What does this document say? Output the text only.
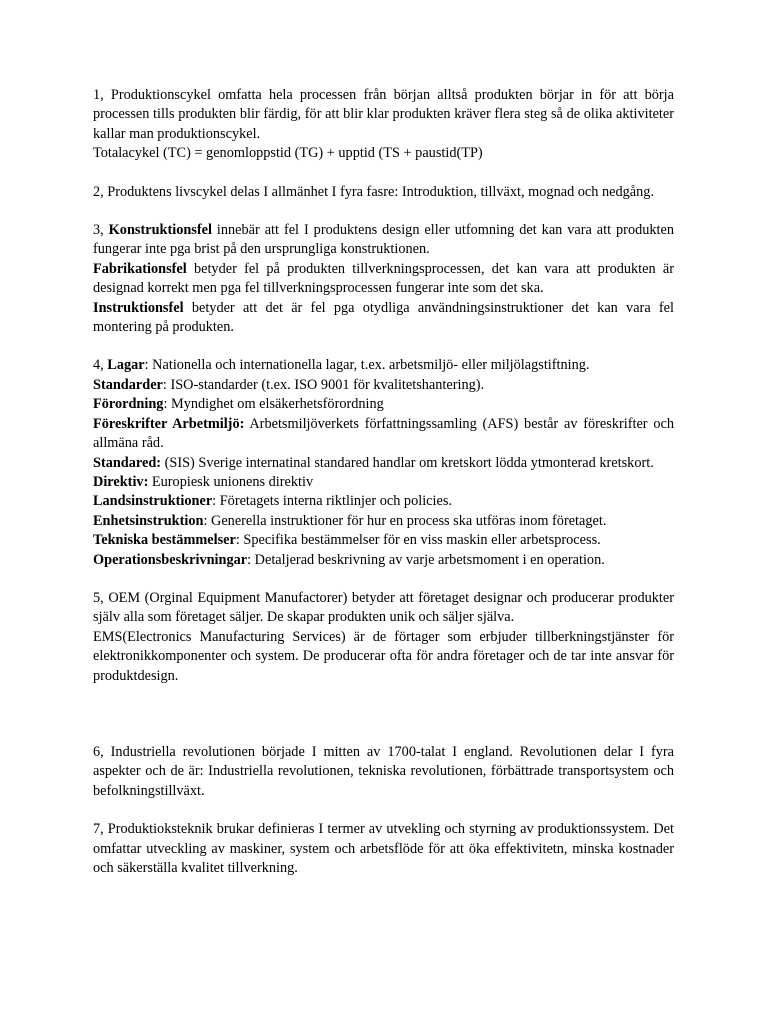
1, Produktionscykel omfatta hela processen från början alltså produkten börjar in för att börja processen tills produkten blir färdig, för att blir klar produkten kräver flera steg så de olika aktiviteter kallar man produktionscykel.
Totalacykel (TC) = genomloppstid (TG) + upptid (TS + paustid(TP)

2, Produktens livscykel delas I allmänhet I fyra fasre: Introduktion, tillväxt, mognad och nedgång.

3, Konstruktionsfel innebär att fel I produktens design eller utfomning det kan vara att produkten fungerar inte pga brist på den ursprungliga konstruktionen.
Fabrikationsfel betyder fel på produkten tillverkningsprocessen, det kan vara att produkten är designad korrekt men pga fel tillverkningsprocessen fungerar inte som det ska.
Instruktionsfel betyder att det är fel pga otydliga användningsinstruktioner det kan vara fel montering på produkten.

4, Lagar: Nationella och internationella lagar, t.ex. arbetsmiljö- eller miljölagstiftning.
Standarder: ISO-standarder (t.ex. ISO 9001 för kvalitetshantering).
Förordning: Myndighet om elsäkerhetsförordning
Föreskrifter Arbetmiljö: Arbetsmiljöverkets författningssamling (AFS) består av föreskrifter och allmäna råd.
Standared: (SIS) Sverige internatinal standared handlar om kretskort lödda ytmonterad kretskort.
Direktiv: Europiesk unionens direktiv
Landsinstruktioner: Företagets interna riktlinjer och policies.
Enhetsinstruktion: Generella instruktioner för hur en process ska utföras inom företaget.
Tekniska bestämmelser: Specifika bestämmelser för en viss maskin eller arbetsprocess.
Operationsbeskrivningar: Detaljerad beskrivning av varje arbetsmoment i en operation.

5, OEM (Orginal Equipment Manufactorer) betyder att företaget designar och producerar produkter själv alla som företaget säljer. De skapar produkten unik och säljer själva.
EMS(Electronics Manufacturing Services) är de förtager som erbjuder tillberkningstjänster för elektronikkomponenter och system. De producerar ofta för andra företager och de tar inte ansvar för produktdesign.

6, Industriella revolutionen började I mitten av 1700-talat I england. Revolutionen delar I fyra aspekter och de är: Industriella revolutionen, tekniska revolutionen, förbättrade transportsystem och befolkningstillväxt.

7, Produktioksteknik brukar definieras I termer av utvekling och styrning av produktionssystem. Det omfattar utveckling av maskiner, system och arbetsflöde för att öka effektivitetn, minska kostnader och säkerställa kvalitet tillverkning.
